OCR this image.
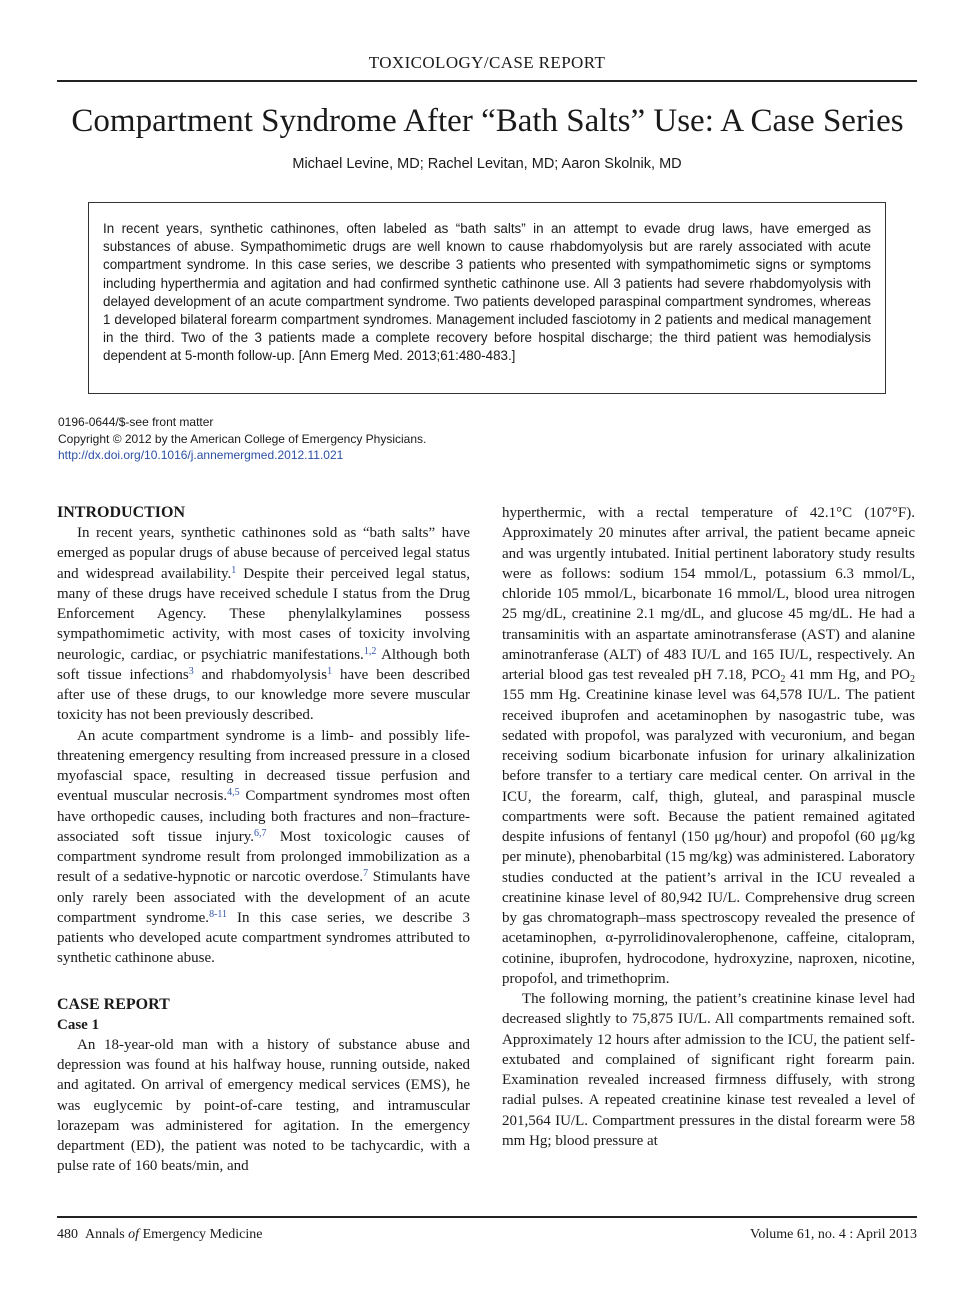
TOXICOLOGY/CASE REPORT
Compartment Syndrome After “Bath Salts” Use: A Case Series
Michael Levine, MD; Rachel Levitan, MD; Aaron Skolnik, MD
In recent years, synthetic cathinones, often labeled as “bath salts” in an attempt to evade drug laws, have emerged as substances of abuse. Sympathomimetic drugs are well known to cause rhabdomyolysis but are rarely associated with acute compartment syndrome. In this case series, we describe 3 patients who presented with sympathomimetic signs or symptoms including hyperthermia and agitation and had confirmed synthetic cathinone use. All 3 patients had severe rhabdomyolysis with delayed development of an acute compartment syndrome. Two patients developed paraspinal compartment syndromes, whereas 1 developed bilateral forearm compartment syndromes. Management included fasciotomy in 2 patients and medical management in the third. Two of the 3 patients made a complete recovery before hospital discharge; the third patient was hemodialysis dependent at 5-month follow-up. [Ann Emerg Med. 2013;61:480-483.]
0196-0644/$-see front matter
Copyright © 2012 by the American College of Emergency Physicians.
http://dx.doi.org/10.1016/j.annemergmed.2012.11.021
INTRODUCTION

In recent years, synthetic cathinones sold as “bath salts” have emerged as popular drugs of abuse because of perceived legal status and widespread availability.$^1$ Despite their perceived legal status, many of these drugs have received schedule I status from the Drug Enforcement Agency. These phenylalkylamines possess sympathomimetic activity, with most cases of toxicity involving neurologic, cardiac, or psychiatric manifestations.$^{1,2}$ Although both soft tissue infections$^3$ and rhabdomyolysis$^1$ have been described after use of these drugs, to our knowledge more severe muscular toxicity has not been previously described.

An acute compartment syndrome is a limb- and possibly life-threatening emergency resulting from increased pressure in a closed myofascial space, resulting in decreased tissue perfusion and eventual muscular necrosis.$^{4,5}$ Compartment syndromes most often have orthopedic causes, including both fractures and non–fracture-associated soft tissue injury.$^{6,7}$ Most toxicologic causes of compartment syndrome result from prolonged immobilization as a result of a sedative-hypnotic or narcotic overdose.$^7$ Stimulants have only rarely been associated with the development of an acute compartment syndrome.$^{8-11}$ In this case series, we describe 3 patients who developed acute compartment syndromes attributed to synthetic cathinone abuse.

CASE REPORT
Case 1

An 18-year-old man with a history of substance abuse and depression was found at his halfway house, running outside, naked and agitated. On arrival of emergency medical services (EMS), he was euglycemic by point-of-care testing, and intramuscular lorazepam was administered for agitation. In the emergency department (ED), the patient was noted to be tachycardic, with a pulse rate of 160 beats/min, and

hyperthermic, with a rectal temperature of 42.1°C (107°F). Approximately 20 minutes after arrival, the patient became apneic and was urgently intubated. Initial pertinent laboratory study results were as follows: sodium 154 mmol/L, potassium 6.3 mmol/L, chloride 105 mmol/L, bicarbonate 16 mmol/L, blood urea nitrogen 25 mg/dL, creatinine 2.1 mg/dL, and glucose 45 mg/dL. He had a transaminitis with an aspartate aminotransferase (AST) and alanine aminotranferase (ALT) of 483 IU/L and 165 IU/L, respectively. An arterial blood gas test revealed pH 7.18, $PCO_2$ 41 mm Hg, and $PO_2$ 155 mm Hg. Creatinine kinase level was 64,578 IU/L. The patient received ibuprofen and acetaminophen by nasogastric tube, was sedated with propofol, was paralyzed with vecuronium, and began receiving sodium bicarbonate infusion for urinary alkalinization before transfer to a tertiary care medical center. On arrival in the ICU, the forearm, calf, thigh, gluteal, and paraspinal muscle compartments were soft. Because the patient remained agitated despite infusions of fentanyl (150 μg/hour) and propofol (60 μg/kg per minute), phenobarbital (15 mg/kg) was administered. Laboratory studies conducted at the patient’s arrival in the ICU revealed a creatinine kinase level of 80,942 IU/L. Comprehensive drug screen by gas chromatograph–mass spectroscopy revealed the presence of acetaminophen, α-pyrrolidinovalerophenone, caffeine, citalopram, cotinine, ibuprofen, hydrocodone, hydroxyzine, naproxen, nicotine, propofol, and trimethoprim.

The following morning, the patient’s creatinine kinase level had decreased slightly to 75,875 IU/L. All compartments remained soft. Approximately 12 hours after admission to the ICU, the patient self-extubated and complained of significant right forearm pain. Examination revealed increased firmness diffusely, with strong radial pulses. A repeated creatinine kinase test revealed a level of 201,564 IU/L. Compartment pressures in the distal forearm were 58 mm Hg; blood pressure at

480 Annals of Emergency Medicine	Volume 61, no. 4 : April 2013
